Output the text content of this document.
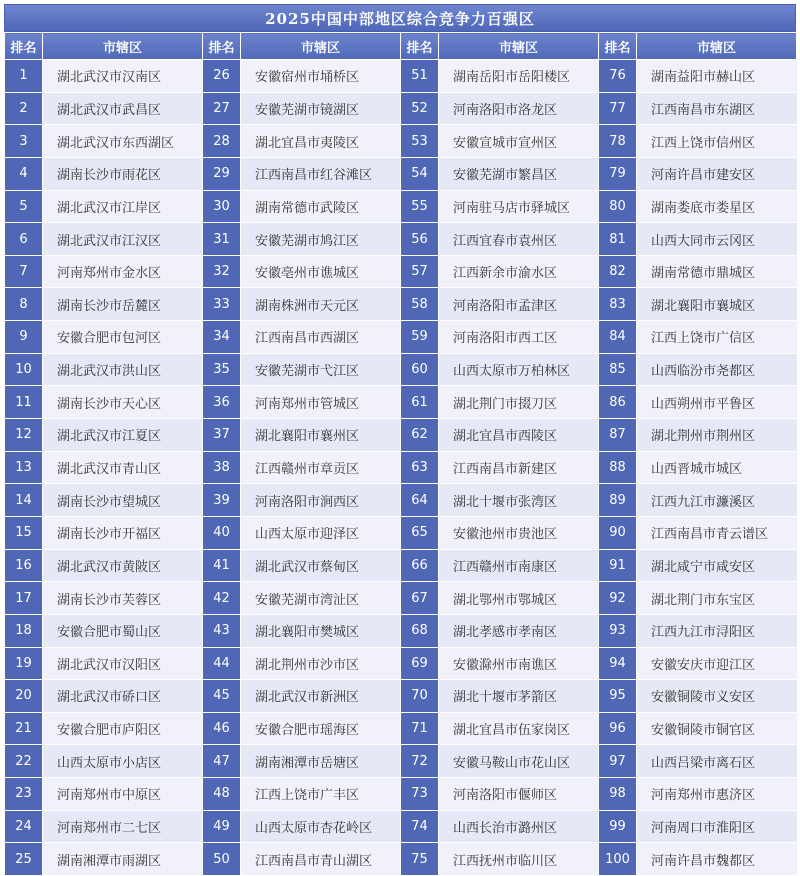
2025中国中部地区综合竞争力百强区
排名	市辖区	排名	市辖区	排名	市辖区	排名	市辖区
1	湖北武汉市汉南区	26	安徽宿州市埇桥区	51	湖南岳阳市岳阳楼区	76	湖南益阳市赫山区
2	湖北武汉市武昌区	27	安徽芜湖市镜湖区	52	河南洛阳市洛龙区	77	江西南昌市东湖区
3	湖北武汉市东西湖区	28	湖北宜昌市夷陵区	53	安徽宣城市宣州区	78	江西上饶市信州区
4	湖南长沙市雨花区	29	江西南昌市红谷滩区	54	安徽芜湖市繁昌区	79	河南许昌市建安区
5	湖北武汉市江岸区	30	湖南常德市武陵区	55	河南驻马店市驿城区	80	湖南娄底市娄星区
6	湖北武汉市江汉区	31	安徽芜湖市鸠江区	56	江西宜春市袁州区	81	山西大同市云冈区
7	河南郑州市金水区	32	安徽亳州市谯城区	57	江西新余市渝水区	82	湖南常德市鼎城区
8	湖南长沙市岳麓区	33	湖南株洲市天元区	58	河南洛阳市孟津区	83	湖北襄阳市襄城区
9	安徽合肥市包河区	34	江西南昌市西湖区	59	河南洛阳市西工区	84	江西上饶市广信区
10	湖北武汉市洪山区	35	安徽芜湖市弋江区	60	山西太原市万柏林区	85	山西临汾市尧都区
11	湖南长沙市天心区	36	河南郑州市管城区	61	湖北荆门市掇刀区	86	山西朔州市平鲁区
12	湖北武汉市江夏区	37	湖北襄阳市襄州区	62	湖北宜昌市西陵区	87	湖北荆州市荆州区
13	湖北武汉市青山区	38	江西赣州市章贡区	63	江西南昌市新建区	88	山西晋城市城区
14	湖南长沙市望城区	39	河南洛阳市涧西区	64	湖北十堰市张湾区	89	江西九江市濂溪区
15	湖南长沙市开福区	40	山西太原市迎泽区	65	安徽池州市贵池区	90	江西南昌市青云谱区
16	湖北武汉市黄陂区	41	湖北武汉市蔡甸区	66	江西赣州市南康区	91	湖北咸宁市咸安区
17	湖南长沙市芙蓉区	42	安徽芜湖市湾沚区	67	湖北鄂州市鄂城区	92	湖北荆门市东宝区
18	安徽合肥市蜀山区	43	湖北襄阳市樊城区	68	湖北孝感市孝南区	93	江西九江市浔阳区
19	湖北武汉市汉阳区	44	湖北荆州市沙市区	69	安徽滁州市南谯区	94	安徽安庆市迎江区
20	湖北武汉市硚口区	45	湖北武汉市新洲区	70	湖北十堰市茅箭区	95	安徽铜陵市义安区
21	安徽合肥市庐阳区	46	安徽合肥市瑶海区	71	湖北宜昌市伍家岗区	96	安徽铜陵市铜官区
22	山西太原市小店区	47	湖南湘潭市岳塘区	72	安徽马鞍山市花山区	97	山西吕梁市离石区
23	河南郑州市中原区	48	江西上饶市广丰区	73	河南洛阳市偃师区	98	河南郑州市惠济区
24	河南郑州市二七区	49	山西太原市杏花岭区	74	山西长治市潞州区	99	河南周口市淮阳区
25	湖南湘潭市雨湖区	50	江西南昌市青山湖区	75	江西抚州市临川区	100	河南许昌市魏都区
